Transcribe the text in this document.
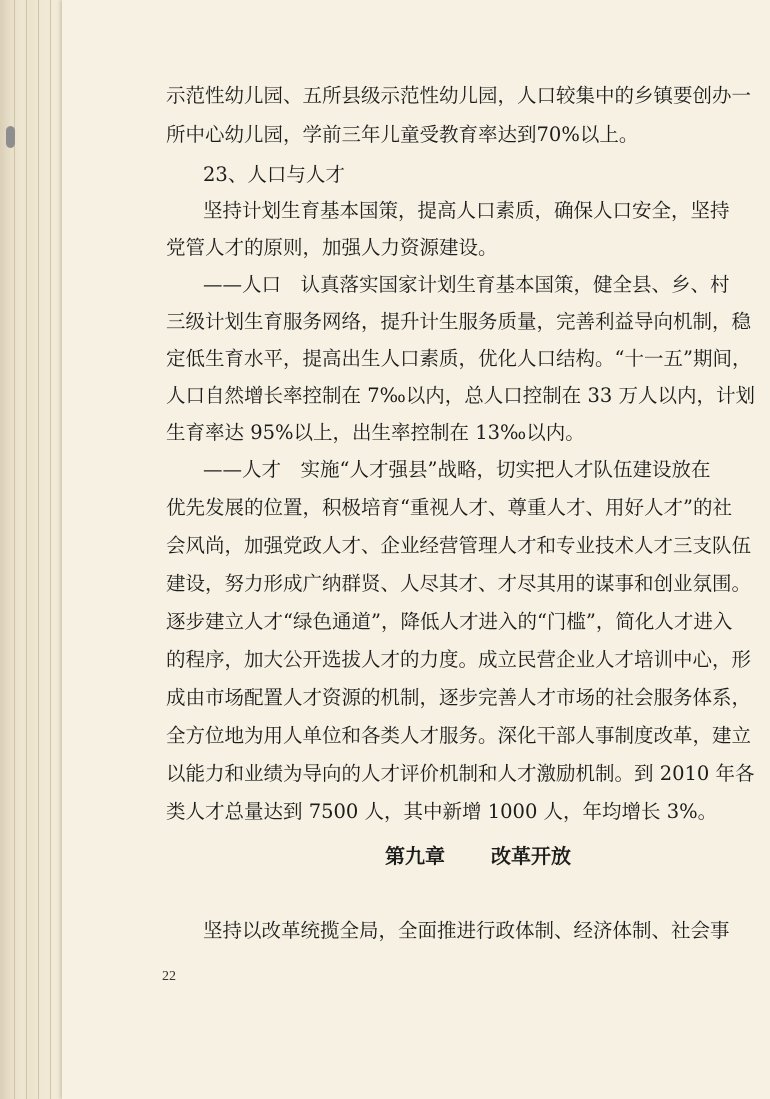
示范性幼儿园、五所县级示范性幼儿园，人口较集中的乡镇要创办一
所中心幼儿园，学前三年儿童受教育率达到70%以上。
23、人口与人才
坚持计划生育基本国策，提高人口素质，确保人口安全，坚持
党管人才的原则，加强人力资源建设。
——人口　认真落实国家计划生育基本国策，健全县、乡、村
三级计划生育服务网络，提升计生服务质量，完善利益导向机制，稳
定低生育水平，提高出生人口素质，优化人口结构。“十一五”期间，
人口自然增长率控制在 7‰以内，总人口控制在 33 万人以内，计划
生育率达 95%以上，出生率控制在 13‰以内。
——人才　实施“人才强县”战略，切实把人才队伍建设放在
优先发展的位置，积极培育“重视人才、尊重人才、用好人才”的社
会风尚，加强党政人才、企业经营管理人才和专业技术人才三支队伍
建设，努力形成广纳群贤、人尽其才、才尽其用的谋事和创业氛围。
逐步建立人才“绿色通道”，降低人才进入的“门槛”，简化人才进入
的程序，加大公开选拔人才的力度。成立民营企业人才培训中心，形
成由市场配置人才资源的机制，逐步完善人才市场的社会服务体系，
全方位地为用人单位和各类人才服务。深化干部人事制度改革，建立
以能力和业绩为导向的人才评价机制和人才激励机制。到 2010 年各
类人才总量达到 7500 人，其中新增 1000 人，年均增长 3%。
第九章 改革开放
坚持以改革统揽全局，全面推进行政体制、经济体制、社会事
22
